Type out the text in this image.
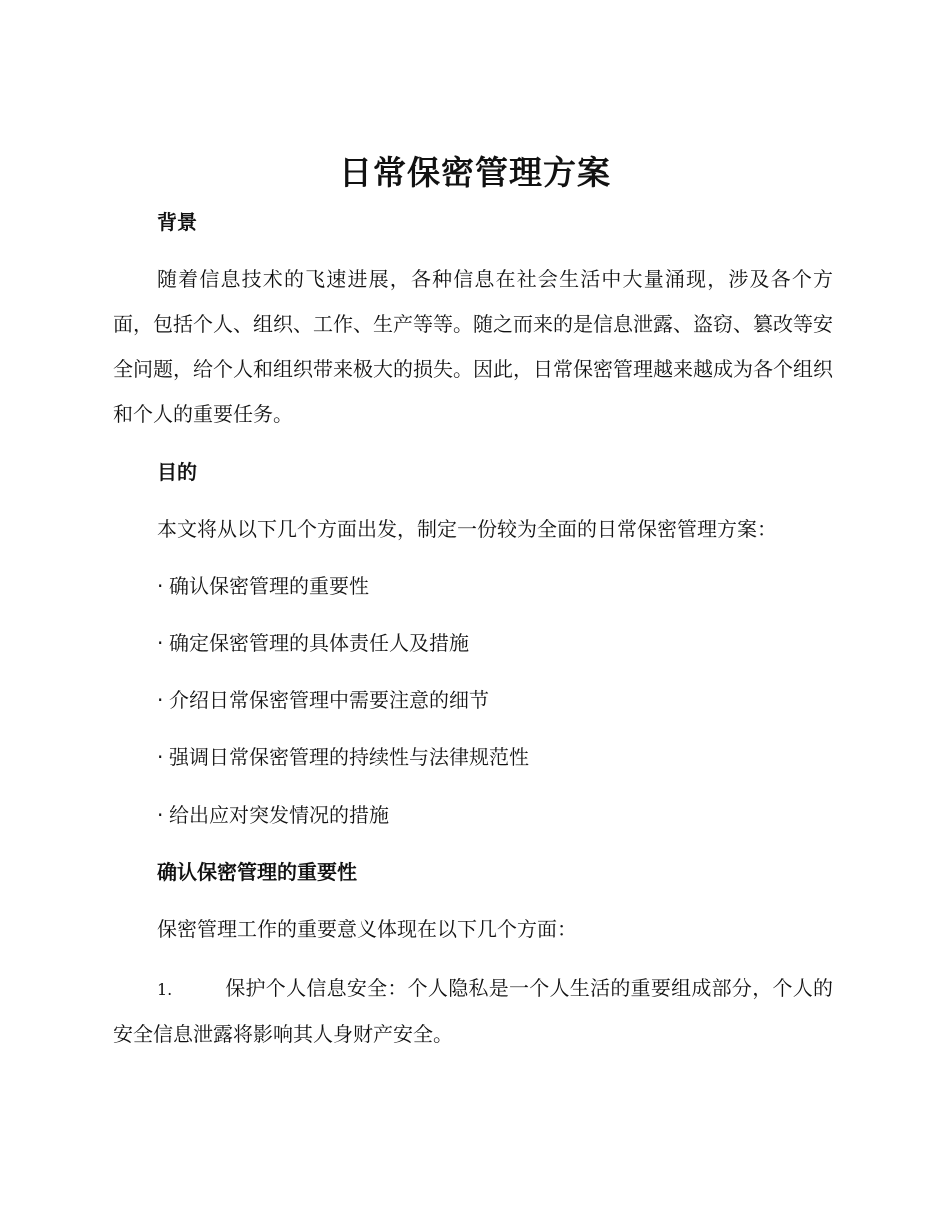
日常保密管理方案
背景
随着信息技术的飞速进展，各种信息在社会生活中大量涌现，涉及各个方面，包括个人、组织、工作、生产等等。随之而来的是信息泄露、盗窃、篡改等安全问题，给个人和组织带来极大的损失。因此，日常保密管理越来越成为各个组织和个人的重要任务。
目的
本文将从以下几个方面出发，制定一份较为全面的日常保密管理方案：
· 确认保密管理的重要性
· 确定保密管理的具体责任人及措施
· 介绍日常保密管理中需要注意的细节
· 强调日常保密管理的持续性与法律规范性
· 给出应对突发情况的措施
确认保密管理的重要性
保密管理工作的重要意义体现在以下几个方面：
1.	保护个人信息安全：个人隐私是一个人生活的重要组成部分，个人的安全信息泄露将影响其人身财产安全。
